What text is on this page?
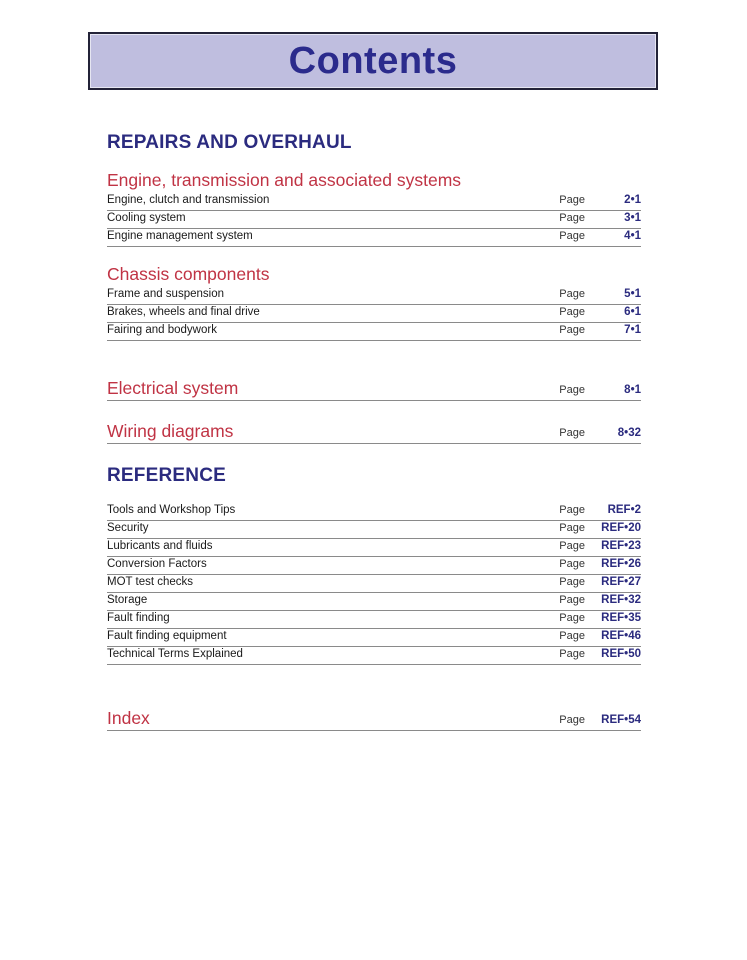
Contents
REPAIRS AND OVERHAUL
Engine, transmission and associated systems
Engine, clutch and transmission	Page	2•1
Cooling system	Page	3•1
Engine management system	Page	4•1
Chassis components
Frame and suspension	Page	5•1
Brakes, wheels and final drive	Page	6•1
Fairing and bodywork	Page	7•1
Electrical system	Page	8•1
Wiring diagrams	Page	8•32
REFERENCE
Tools and Workshop Tips	Page	REF•2
Security	Page	REF•20
Lubricants and fluids	Page	REF•23
Conversion Factors	Page	REF•26
MOT test checks	Page	REF•27
Storage	Page	REF•32
Fault finding	Page	REF•35
Fault finding equipment	Page	REF•46
Technical Terms Explained	Page	REF•50
Index	Page	REF•54
